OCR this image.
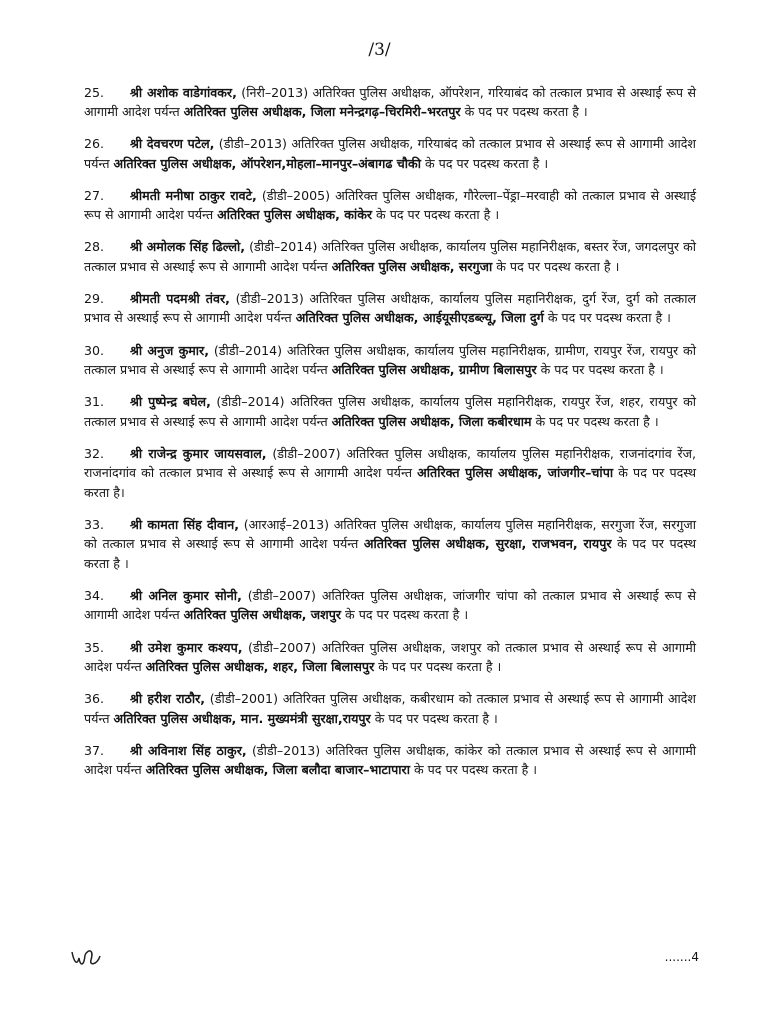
/3/

25. श्री अशोक वाडेगांवकर, (निरी–2013) अतिरिक्त पुलिस अधीक्षक, ऑपरेशन, गरियाबंद को तत्काल प्रभाव से अस्थाई रूप से आगामी आदेश पर्यन्त अतिरिक्त पुलिस अधीक्षक, जिला मनेन्द्रगढ़–चिरमिरी–भरतपुर के पद पर पदस्थ करता है ।

26. श्री देवचरण पटेल, (डीडी–2013) अतिरिक्त पुलिस अधीक्षक, गरियाबंद को तत्काल प्रभाव से अस्थाई रूप से आगामी आदेश पर्यन्त अतिरिक्त पुलिस अधीक्षक, ऑपरेशन,मोहला–मानपुर–अंबागढ चौकी के पद पर पदस्थ करता है ।

27. श्रीमती मनीषा ठाकुर रावटे, (डीडी–2005) अतिरिक्त पुलिस अधीक्षक, गौरेल्ला–पेंड्रा–मरवाही को तत्काल प्रभाव से अस्थाई रूप से आगामी आदेश पर्यन्त अतिरिक्त पुलिस अधीक्षक, कांकेर के पद पर पदस्थ करता है ।

28. श्री अमोलक सिंह ढिल्लो, (डीडी–2014) अतिरिक्त पुलिस अधीक्षक, कार्यालय पुलिस महानिरीक्षक, बस्तर रेंज, जगदलपुर को तत्काल प्रभाव से अस्थाई रूप से आगामी आदेश पर्यन्त अतिरिक्त पुलिस अधीक्षक, सरगुजा के पद पर पदस्थ करता है ।

29. श्रीमती पदमश्री तंवर, (डीडी–2013) अतिरिक्त पुलिस अधीक्षक, कार्यालय पुलिस महानिरीक्षक, दुर्ग रेंज, दुर्ग को तत्काल प्रभाव से अस्थाई रूप से आगामी आदेश पर्यन्त अतिरिक्त पुलिस अधीक्षक, आईयूसीएडब्ल्यू, जिला दुर्ग के पद पर पदस्थ करता है ।

30. श्री अनुज कुमार, (डीडी–2014) अतिरिक्त पुलिस अधीक्षक, कार्यालय पुलिस महानिरीक्षक, ग्रामीण, रायपुर रेंज, रायपुर को तत्काल प्रभाव से अस्थाई रूप से आगामी आदेश पर्यन्त अतिरिक्त पुलिस अधीक्षक, ग्रामीण बिलासपुर के पद पर पदस्थ करता है ।

31. श्री पुष्पेन्द्र बघेल, (डीडी–2014) अतिरिक्त पुलिस अधीक्षक, कार्यालय पुलिस महानिरीक्षक, रायपुर रेंज, शहर, रायपुर को तत्काल प्रभाव से अस्थाई रूप से आगामी आदेश पर्यन्त अतिरिक्त पुलिस अधीक्षक, जिला कबीरधाम के पद पर पदस्थ करता है ।

32. श्री राजेन्द्र कुमार जायसवाल, (डीडी–2007) अतिरिक्त पुलिस अधीक्षक, कार्यालय पुलिस महानिरीक्षक, राजनांदगांव रेंज, राजनांदगांव को तत्काल प्रभाव से अस्थाई रूप से आगामी आदेश पर्यन्त अतिरिक्त पुलिस अधीक्षक, जांजगीर–चांपा के पद पर पदस्थ करता है।

33. श्री कामता सिंह दीवान, (आरआई–2013) अतिरिक्त पुलिस अधीक्षक, कार्यालय पुलिस महानिरीक्षक, सरगुजा रेंज, सरगुजा को तत्काल प्रभाव से अस्थाई रूप से आगामी आदेश पर्यन्त अतिरिक्त पुलिस अधीक्षक, सुरक्षा, राजभवन, रायपुर के पद पर पदस्थ करता है ।

34. श्री अनिल कुमार सोनी, (डीडी–2007) अतिरिक्त पुलिस अधीक्षक, जांजगीर चांपा को तत्काल प्रभाव से अस्थाई रूप से आगामी आदेश पर्यन्त अतिरिक्त पुलिस अधीक्षक, जशपुर के पद पर पदस्थ करता है ।

35. श्री उमेश कुमार कश्यप, (डीडी–2007) अतिरिक्त पुलिस अधीक्षक, जशपुर को तत्काल प्रभाव से अस्थाई रूप से आगामी आदेश पर्यन्त अतिरिक्त पुलिस अधीक्षक, शहर, जिला बिलासपुर के पद पर पदस्थ करता है ।

36. श्री हरीश राठौर, (डीडी–2001) अतिरिक्त पुलिस अधीक्षक, कबीरधाम को तत्काल प्रभाव से अस्थाई रूप से आगामी आदेश पर्यन्त अतिरिक्त पुलिस अधीक्षक, मान. मुख्यमंत्री सुरक्षा,रायपुर के पद पर पदस्थ करता है ।

37. श्री अविनाश सिंह ठाकुर, (डीडी–2013) अतिरिक्त पुलिस अधीक्षक, कांकेर को तत्काल प्रभाव से अस्थाई रूप से आगामी आदेश पर्यन्त अतिरिक्त पुलिस अधीक्षक, जिला बलौदा बाजार–भाटापारा के पद पर पदस्थ करता है ।

.......4
